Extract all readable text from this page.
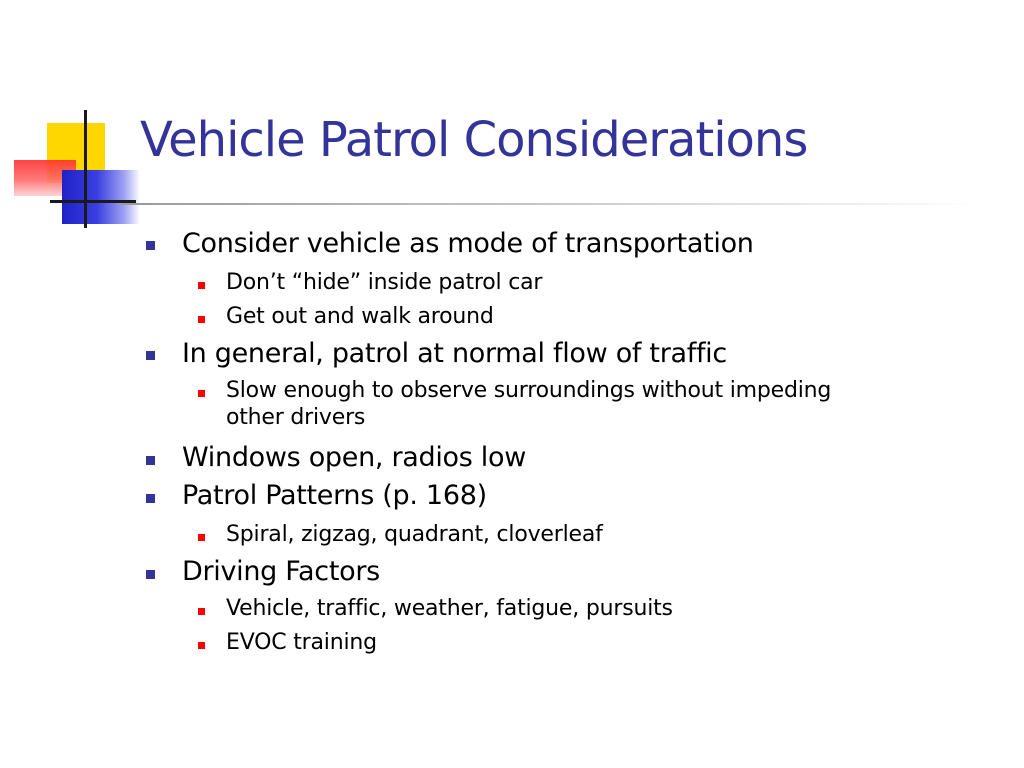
Vehicle Patrol Considerations
Consider vehicle as mode of transportation
Don’t “hide” inside patrol car
Get out and walk around
In general, patrol at normal flow of traffic
Slow enough to observe surroundings without impeding
other drivers
Windows open, radios low
Patrol Patterns (p. 168)
Spiral, zigzag, quadrant, cloverleaf
Driving Factors
Vehicle, traffic, weather, fatigue, pursuits
EVOC training
